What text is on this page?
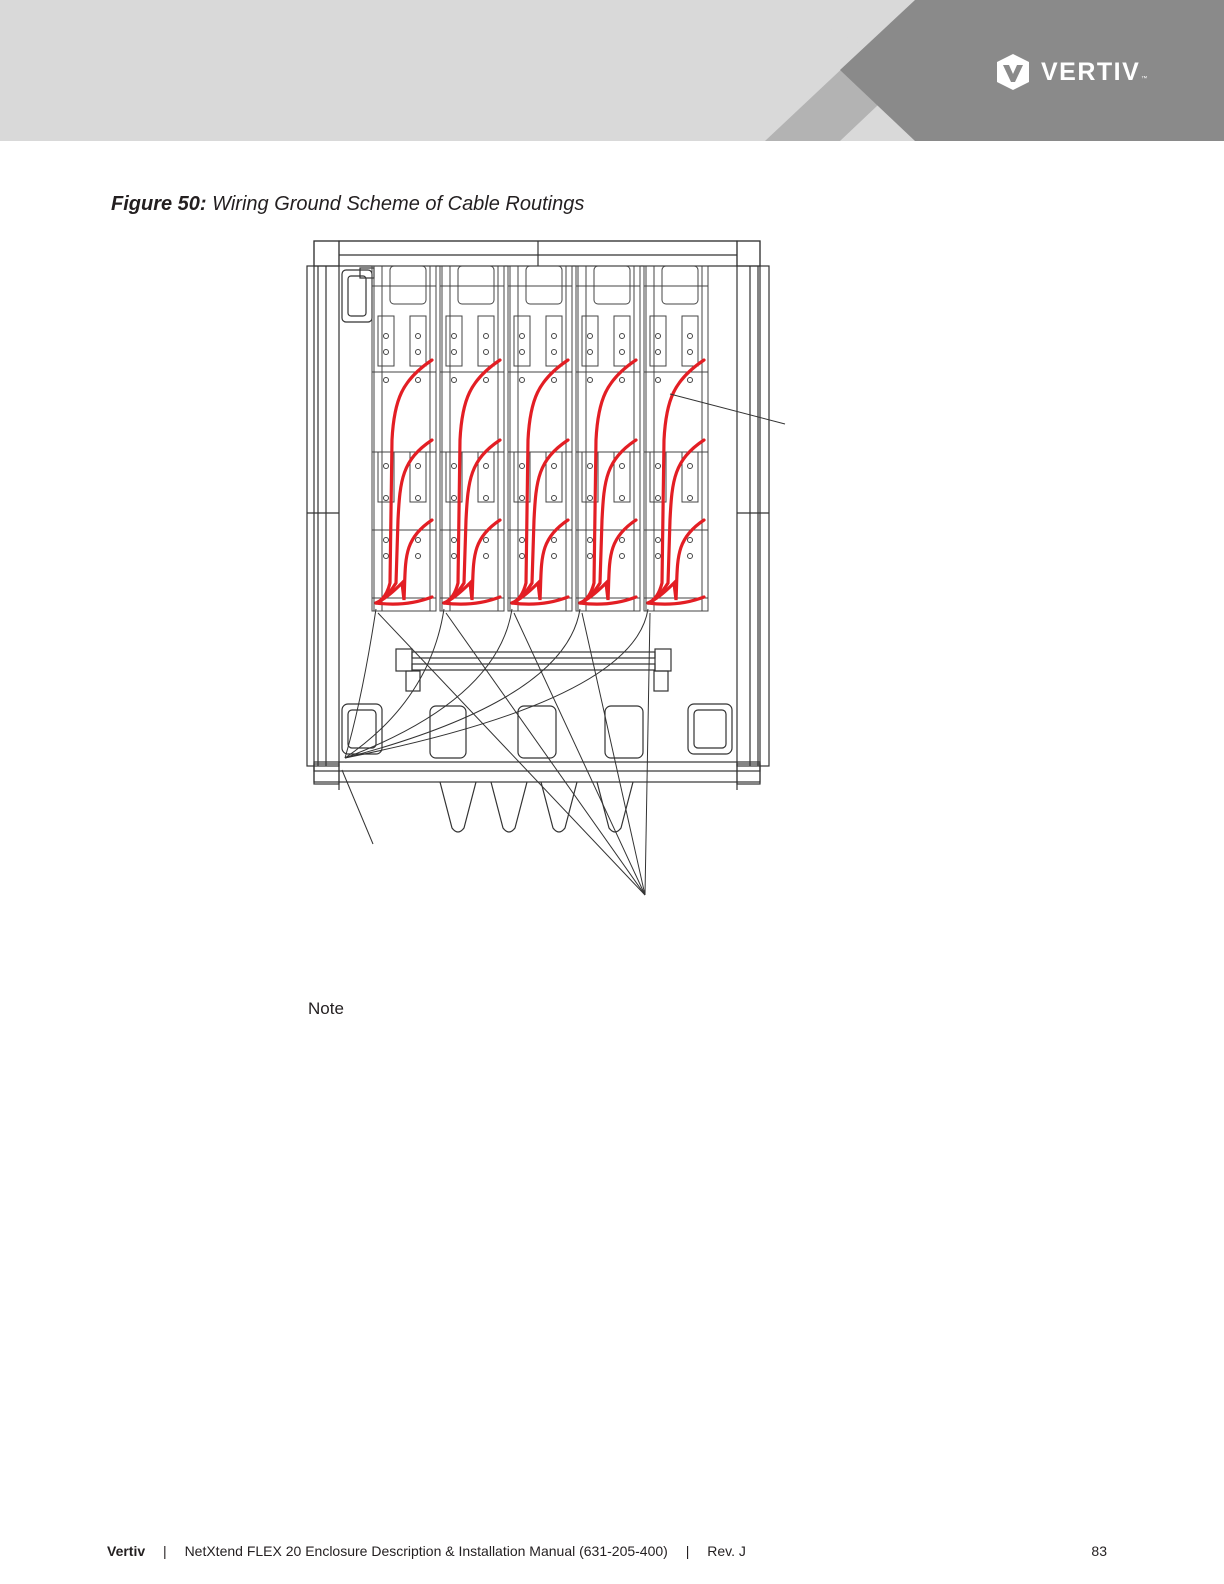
VERTIV ™
Figure 50: Wiring Ground Scheme of Cable Routings
Note
Vertiv | NetXtend FLEX 20 Enclosure Description & Installation Manual (631-205-400) | Rev. J	83
